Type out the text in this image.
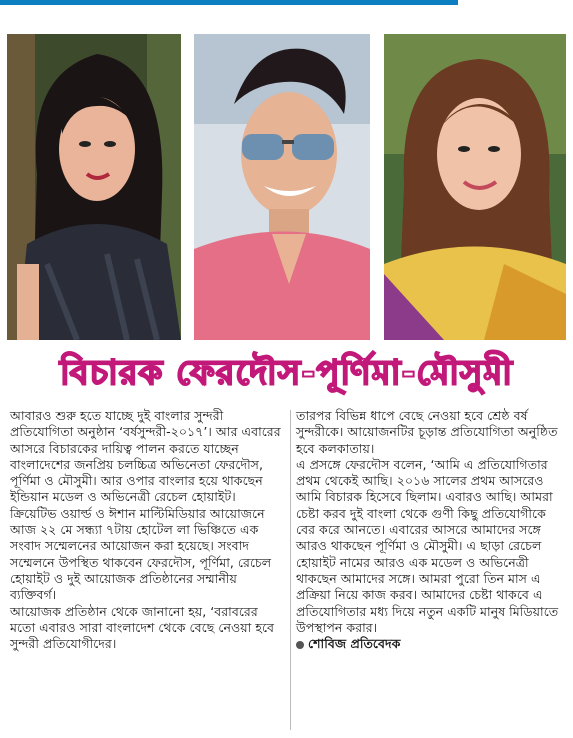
বিচারক ফেরদৌস-পূর্ণিমা-মৌসুমী

আবারও শুরু হতে যাচ্ছে দুই বাংলার সুন্দরী প্রতিযোগিতা অনুষ্ঠান ‘বর্ষসুন্দরী-২০১৭’। আর এবারের আসরে বিচারকের দায়িত্ব পালন করতে যাচ্ছেন বাংলাদেশের জনপ্রিয় চলচ্চিত্র অভিনেতা ফেরদৌস, পূর্ণিমা ও মৌসুমী। আর ওপার বাংলার হয়ে থাকছেন ইন্ডিয়ান মডেল ও অভিনেত্রী রেচেল হোয়াইট। ক্রিয়েটিভ ওয়ার্ল্ড ও ঈশান মাল্টিমিডিয়ার আয়োজনে আজ ২২ মে সন্ধ্যা ৭টায় হোটেল লা ভিঞ্চিতে এক সংবাদ সম্মেলনের আয়োজন করা হয়েছে। সংবাদ সম্মেলনে উপস্থিত থাকবেন ফেরদৌস, পূর্ণিমা, রেচেল হোয়াইট ও দুই আয়োজক প্রতিষ্ঠানের সম্মানীয় ব্যক্তিবর্গ।

আয়োজক প্রতিষ্ঠান থেকে জানানো হয়, ‘বরাবরের মতো এবারও সারা বাংলাদেশ থেকে বেছে নেওয়া হবে সুন্দরী প্রতিযোগীদের।

তারপর বিভিন্ন ধাপে বেছে নেওয়া হবে শ্রেষ্ঠ বর্ষ সুন্দরীকে। আয়োজনটির চূড়ান্ত প্রতিযোগিতা অনুষ্ঠিত হবে কলকাতায়।

এ প্রসঙ্গে ফেরদৌস বলেন, ‘আমি এ প্রতিযোগিতার প্রথম থেকেই আছি। ২০১৬ সালের প্রথম আসরেও আমি বিচারক হিসেবে ছিলাম। এবারও আছি। আমরা চেষ্টা করব দুই বাংলা থেকে গুণী কিছু প্রতিযোগীকে বের করে আনতে। এবারের আসরে আমাদের সঙ্গে আরও থাকছেন পূর্ণিমা ও মৌসুমী। এ ছাড়া রেচেল হোয়াইট নামের আরও এক মডেল ও অভিনেত্রী থাকছেন আমাদের সঙ্গে। আমরা পুরো তিন মাস এ প্রক্রিয়া নিয়ে কাজ করব। আমাদের চেষ্টা থাকবে এ প্রতিযোগিতার মধ্য দিয়ে নতুন একটি মানুষ মিডিয়াতে উপস্থাপন করার।

শোবিজ প্রতিবেদক
